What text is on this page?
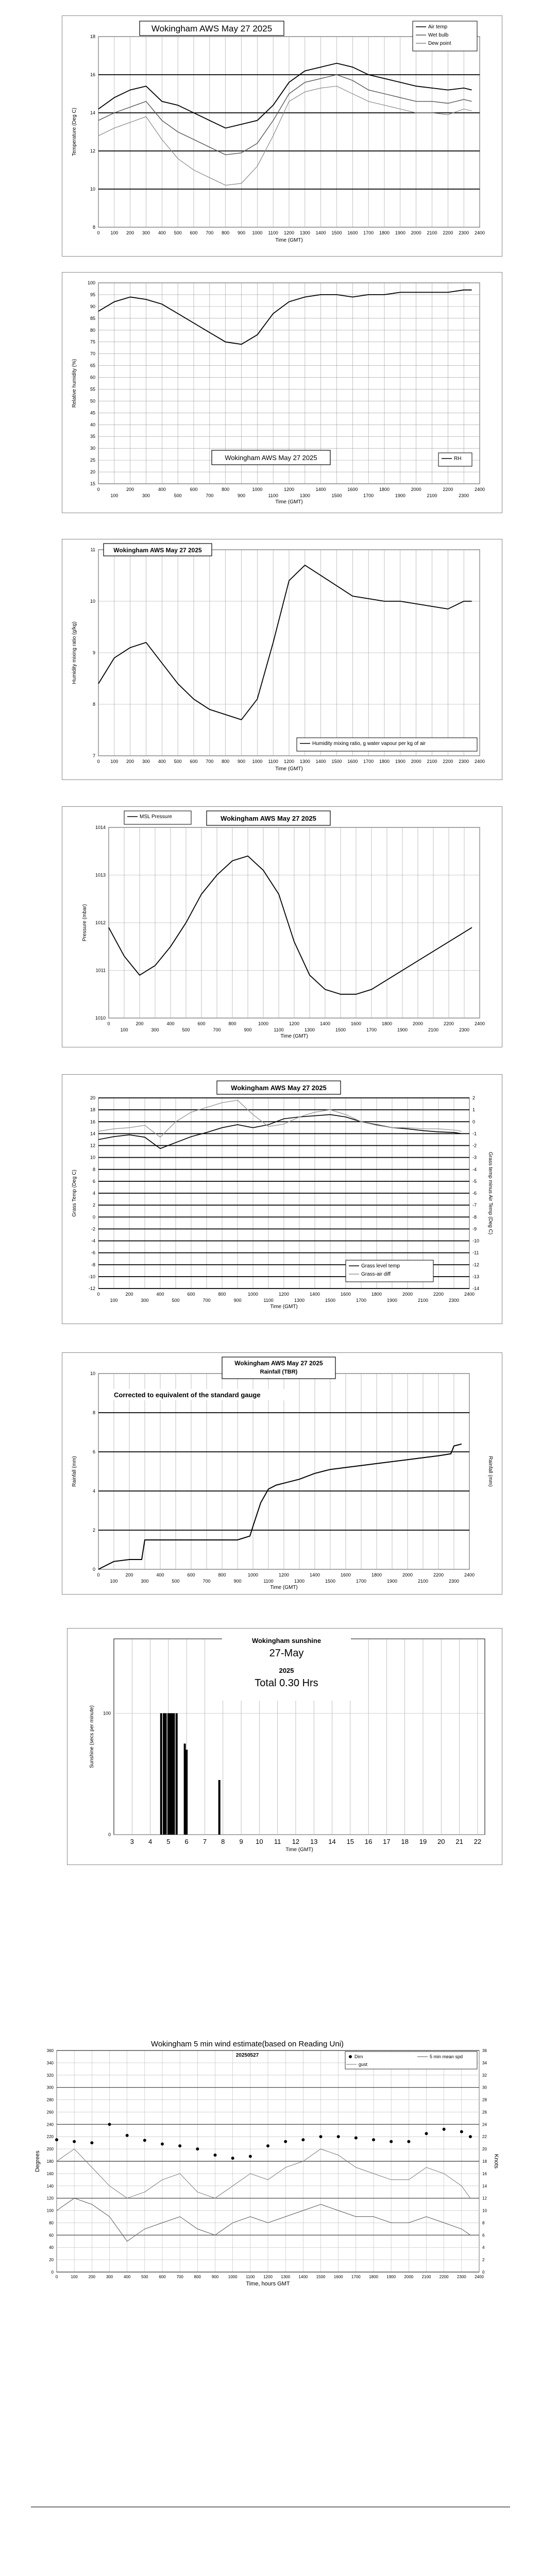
8
10
12
14
16
18
0 100 200 300 400 500 600 700 800 900 1000 1100 1200 1300 1400 1500 1600 1700 1800 1900 2000 2100 2200 2300 2400
Time (GMT)
Temperature (Deg C)
Wokingham AWS May 27 2025	Air temp
Wet bulb
Dew point
15
20
25
30
35
40
45
50
55
60
65
70
75
80
85
90
95
100
0	200	400	600	800	1000	1200	1400	1600	1800	2000	2200	2400
100	300	500	700	900	1100	1300	1500	1700	1900	2100	2300
Time (GMT)
Relative humidity (%)
Wokingham AWS May 27 2025	RH
7
8
9
10
11
0 100 200 300 400 500 600 700 800 900 1000 1100 1200 1300 1400 1500 1600 1700 1800 1900 2000 2100 2200 2300 2400
Time (GMT)
Humidity mixing ratio (g/kg)
Wokingham AWS May 27 2025
Humidity mixing ratio, g water vapour per kg of air
1010
1011
1012
1013
1014
0	200	400	600	800	1000	1200	1400	1600	1800	2000	2200	2400
100	300	500	700	900	1100	1300	1500	1700	1900	2100	2300
Time (GMT)
Pressure (mbar)
MSL Pressure	Wokingham AWS May 27 2025
-12
-10
-8
-6
-4
-2
0
2
4
6
8
10
12
14
16
18
20
-14
-13
-12
-11
-10
-9
-8
-7
-6
-5
-4
-3
-2
-1
0
1
2
0	200	400	600	800	1000	1200	1400	1600	1800	2000	2200	2400
100	300	500	700	900	1100	1300	1500	1700	1900	2100	2300
Time (GMT)
Grass Temp (Deg C)	Grass temp minus Air Temp (Deg C)
Wokingham AWS May 27 2025
Grass level temp
Grass-air diff
0
2
4
6
8
10
0	200	400	600	800	1000	1200	1400	1600	1800	2000	2200	2400
100	300	500	700	900	1100	1300	1500	1700	1900	2100	2300
Time (GMT)
Rainfall (mm)	Rainfall (mm)
Wokingham AWS May 27 2025
Rainfall (TBR)
Corrected to equivalent of the standard gauge
0
100
3 4 5 6 7 8 9 10 11 12 13 14 15 16 17 18 19 20 21 22
Time (GMT)
Sunshine (secs per minute)
Wokingham sunshine
27-May
2025
Total 0.30 Hrs
0
20
40
60
80
100
120
140
160
180
200
220
240
260
280
300
320
340
360
0
2
4
6
8
10
12
14
16
18
20
22
24
26
28
30
32
34
36
0	100	200	300	400	500	600	700	800	900 1000 1100 1200 1300 1400 1500 1600 1700 1800 1900 2000 2100 2200 2300 2400
Time, hours GMT
Degrees	Knots
Wokingham 5 min wind estimate(based on Reading Uni)
20250527	Dirn	5 min mean spd
gust
